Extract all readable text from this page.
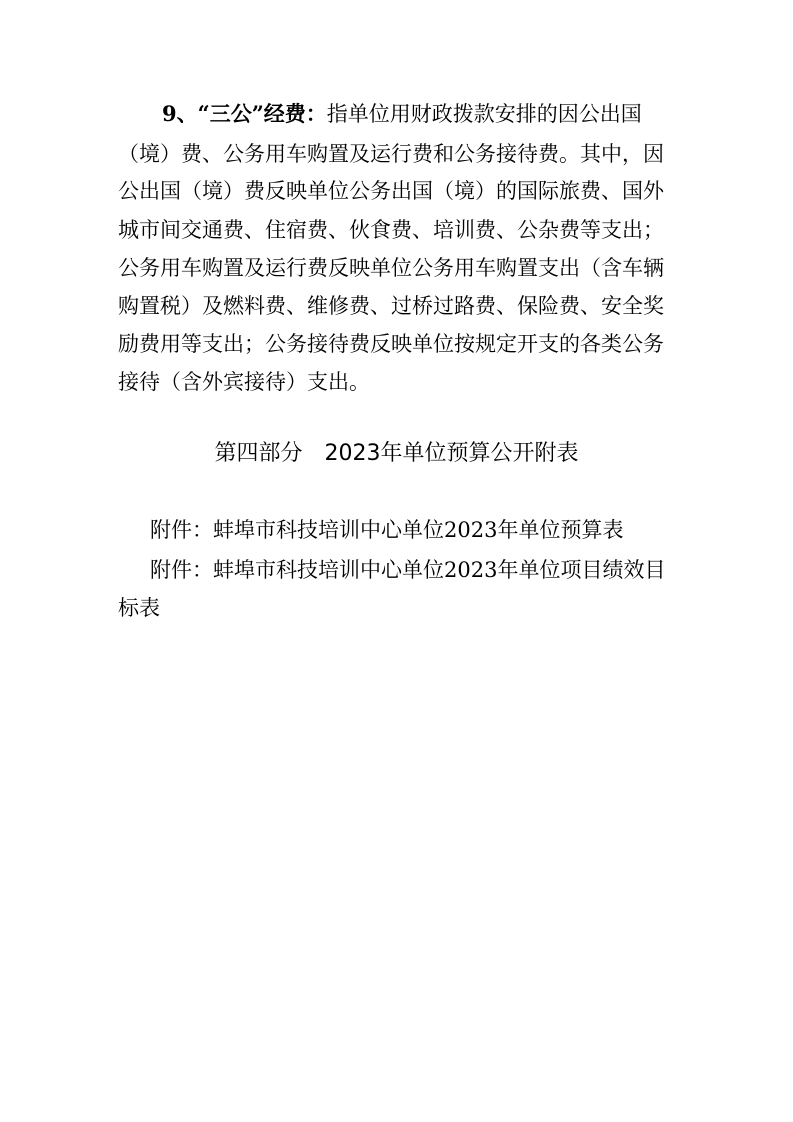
9、“三公”经费：指单位用财政拨款安排的因公出国
（境）费、公务用车购置及运行费和公务接待费。其中，因
公出国（境）费反映单位公务出国（境）的国际旅费、国外
城市间交通费、住宿费、伙食费、培训费、公杂费等支出；
公务用车购置及运行费反映单位公务用车购置支出（含车辆
购置税）及燃料费、维修费、过桥过路费、保险费、安全奖
励费用等支出；公务接待费反映单位按规定开支的各类公务
接待（含外宾接待）支出。
第四部分　2023年单位预算公开附表
附件：蚌埠市科技培训中心单位2023年单位预算表
附件：蚌埠市科技培训中心单位2023年单位项目绩效目
标表
